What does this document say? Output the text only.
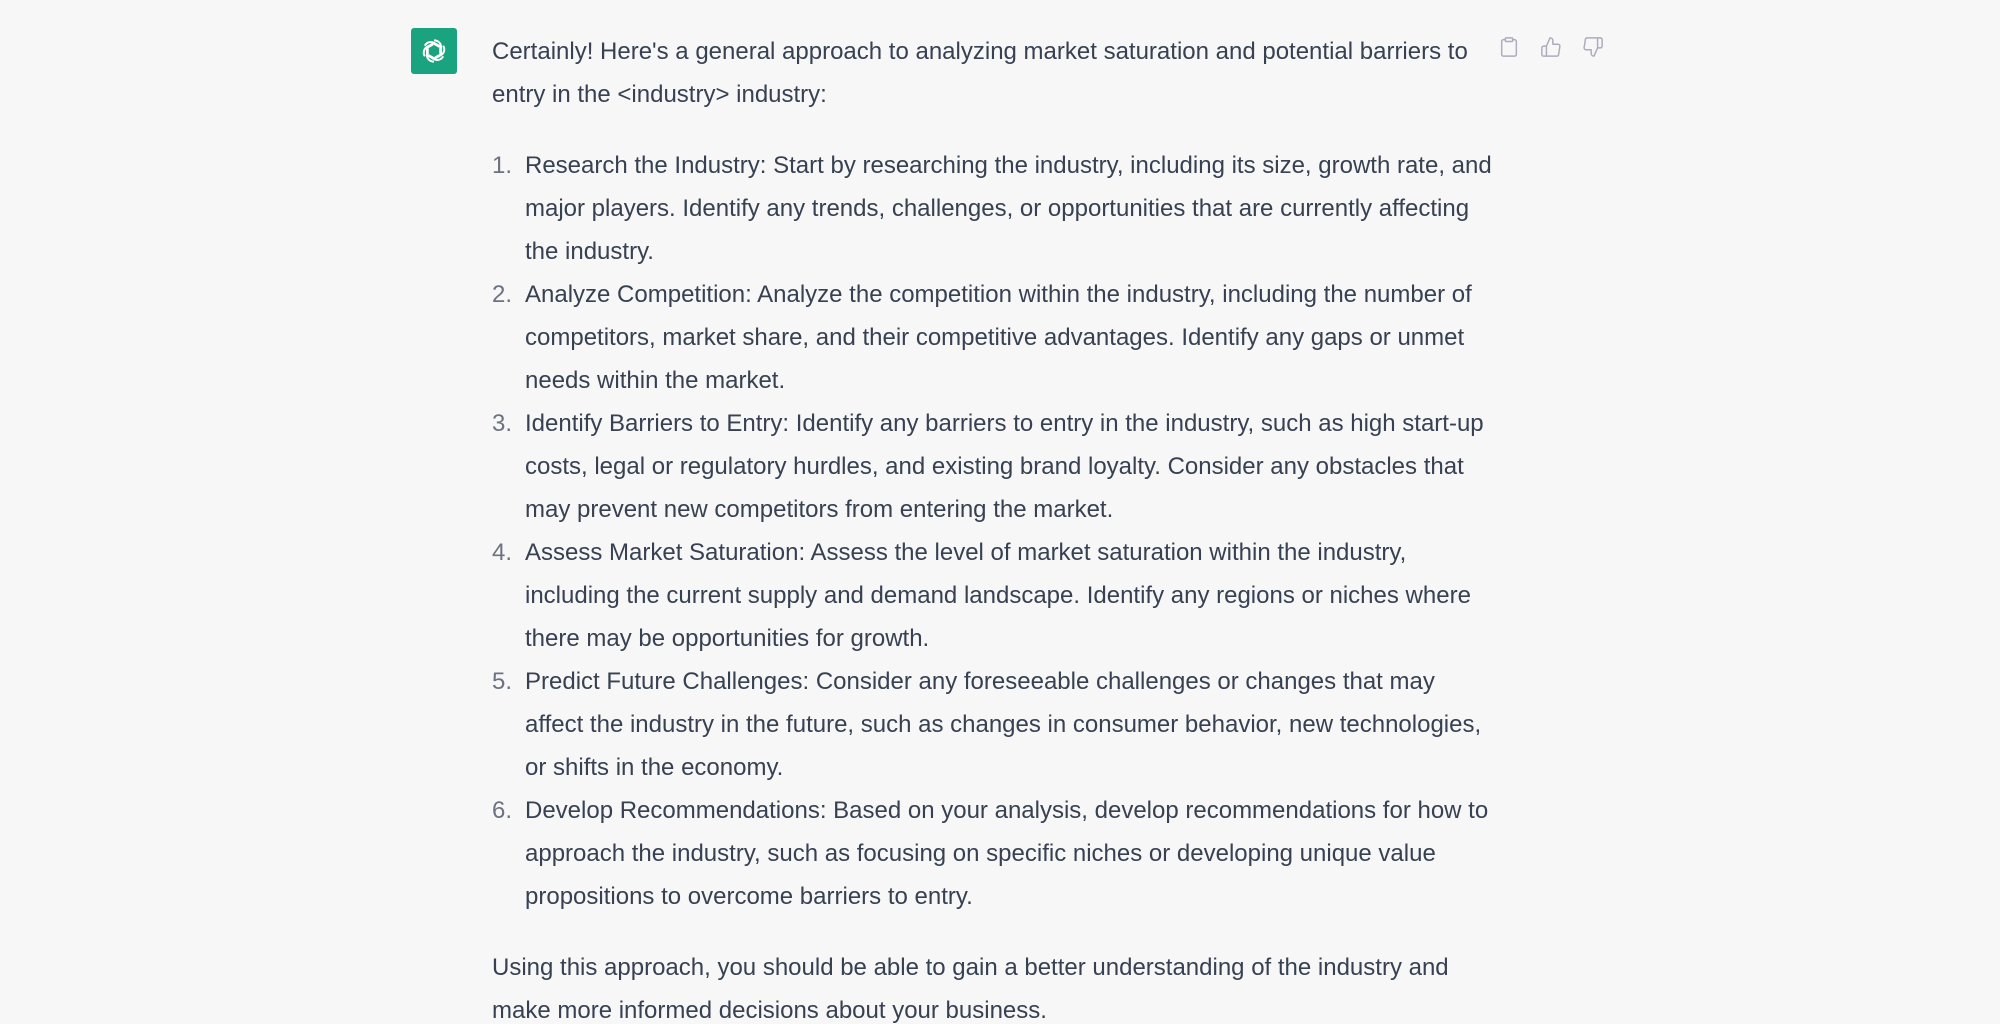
Certainly! Here's a general approach to analyzing market saturation and potential barriers to entry in the <industry> industry:

1. Research the Industry: Start by researching the industry, including its size, growth rate, and major players. Identify any trends, challenges, or opportunities that are currently affecting the industry.
2. Analyze Competition: Analyze the competition within the industry, including the number of competitors, market share, and their competitive advantages. Identify any gaps or unmet needs within the market.
3. Identify Barriers to Entry: Identify any barriers to entry in the industry, such as high start-up costs, legal or regulatory hurdles, and existing brand loyalty. Consider any obstacles that may prevent new competitors from entering the market.
4. Assess Market Saturation: Assess the level of market saturation within the industry, including the current supply and demand landscape. Identify any regions or niches where there may be opportunities for growth.
5. Predict Future Challenges: Consider any foreseeable challenges or changes that may affect the industry in the future, such as changes in consumer behavior, new technologies, or shifts in the economy.
6. Develop Recommendations: Based on your analysis, develop recommendations for how to approach the industry, such as focusing on specific niches or developing unique value propositions to overcome barriers to entry.

Using this approach, you should be able to gain a better understanding of the industry and make more informed decisions about your business.
